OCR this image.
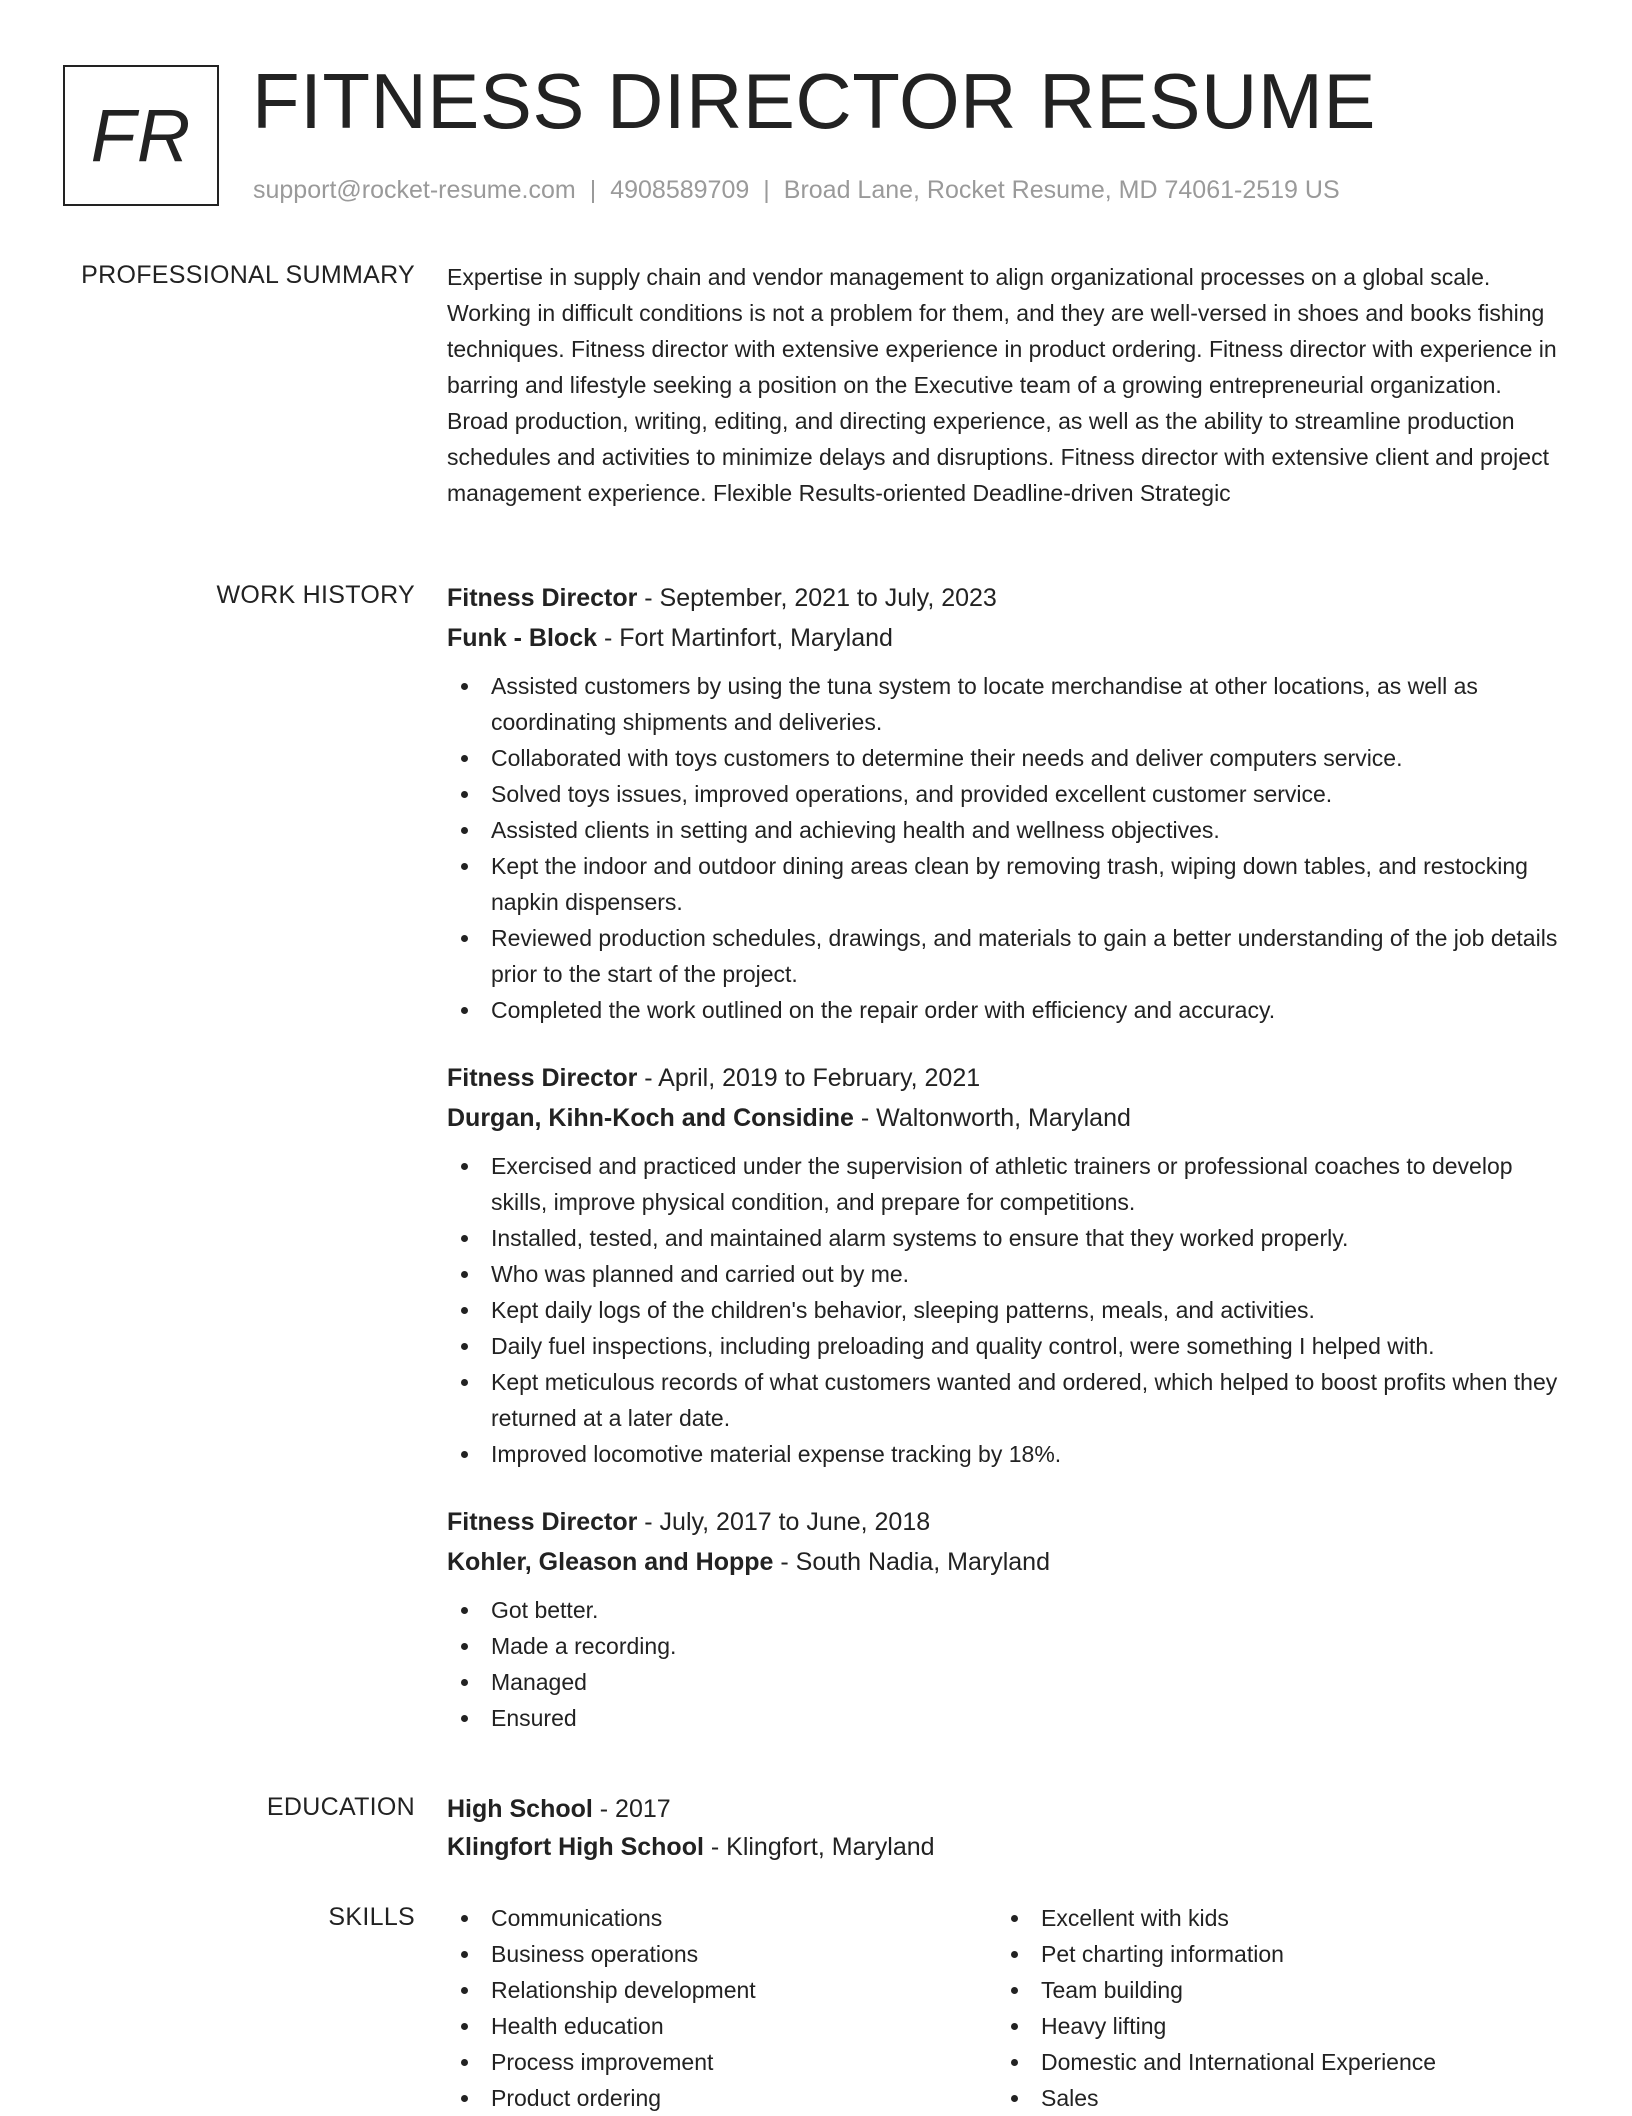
FR FITNESS DIRECTOR RESUME
support@rocket-resume.com | 4908589709 | Broad Lane, Rocket Resume, MD 74061-2519 US
PROFESSIONAL SUMMARY Expertise in supply chain and vendor management to align organizational processes on a global scale. Working in difficult conditions is not a problem for them, and they are well-versed in shoes and books fishing techniques. Fitness director with extensive experience in product ordering. Fitness director with experience in barring and lifestyle seeking a position on the Executive team of a growing entrepreneurial organization. Broad production, writing, editing, and directing experience, as well as the ability to streamline production schedules and activities to minimize delays and disruptions. Fitness director with extensive client and project management experience. Flexible Results-oriented Deadline-driven Strategic

WORK HISTORY Fitness Director - September, 2021 to July, 2023
Funk - Block - Fort Martinfort, Maryland
Assisted customers by using the tuna system to locate merchandise at other locations, as well as coordinating shipments and deliveries.
Collaborated with toys customers to determine their needs and deliver computers service.
Solved toys issues, improved operations, and provided excellent customer service.
Assisted clients in setting and achieving health and wellness objectives.
Kept the indoor and outdoor dining areas clean by removing trash, wiping down tables, and restocking napkin dispensers.
Reviewed production schedules, drawings, and materials to gain a better understanding of the job details prior to the start of the project.
Completed the work outlined on the repair order with efficiency and accuracy.
Fitness Director - April, 2019 to February, 2021
Durgan, Kihn-Koch and Considine - Waltonworth, Maryland
Exercised and practiced under the supervision of athletic trainers or professional coaches to develop skills, improve physical condition, and prepare for competitions.
Installed, tested, and maintained alarm systems to ensure that they worked properly.
Who was planned and carried out by me.
Kept daily logs of the children's behavior, sleeping patterns, meals, and activities.
Daily fuel inspections, including preloading and quality control, were something I helped with.
Kept meticulous records of what customers wanted and ordered, which helped to boost profits when they returned at a later date.
Improved locomotive material expense tracking by 18%.
Fitness Director - July, 2017 to June, 2018
Kohler, Gleason and Hoppe - South Nadia, Maryland
Got better.
Made a recording.
Managed
Ensured
EDUCATION High School - 2017
Klingfort High School - Klingfort, Maryland
SKILLS	Communications
Business operations
Relationship development
Health education
Process improvement
Product ordering
Excellent with kids
Pet charting information
Team building
Heavy lifting
Domestic and International Experience
Sales
